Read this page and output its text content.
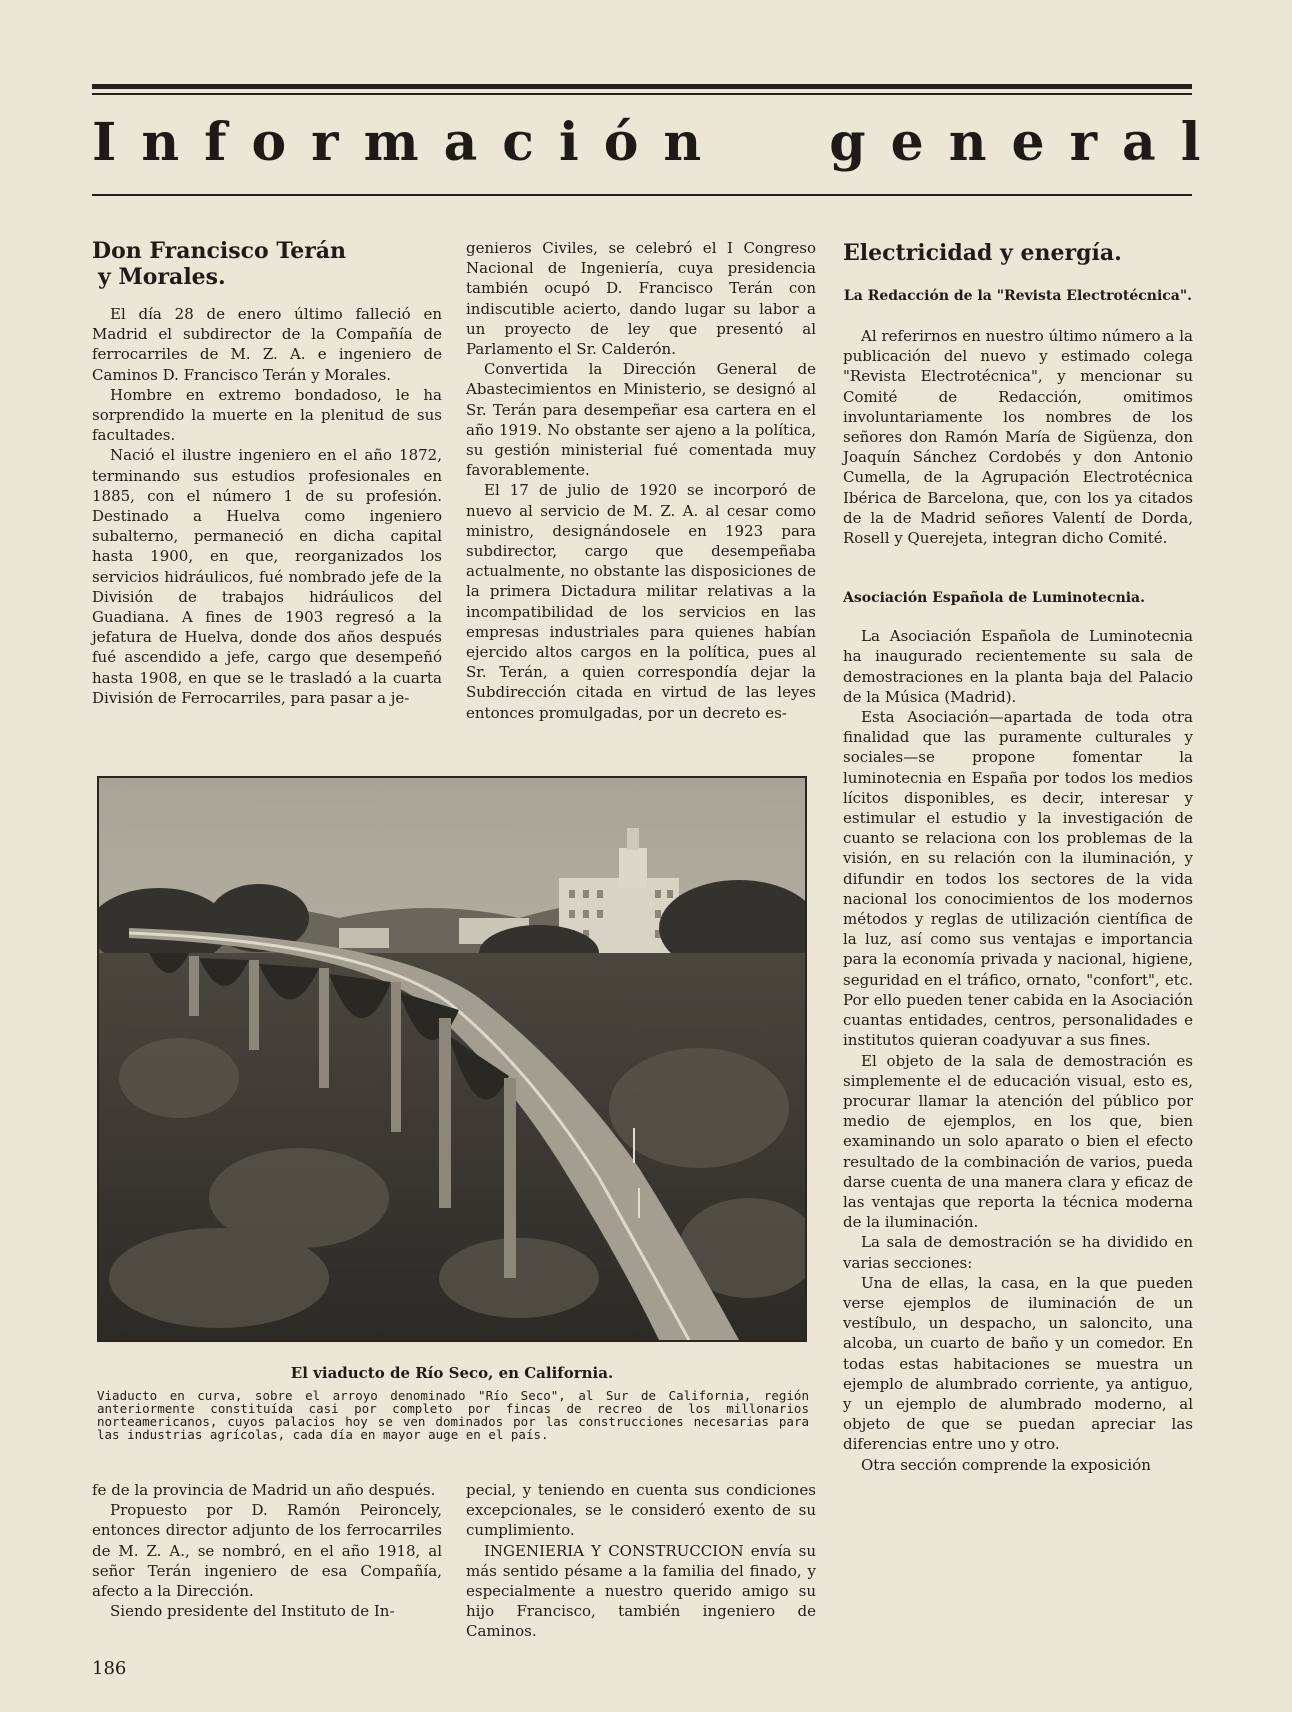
Información general
Don Francisco Terán
y Morales.

El día 28 de enero último falleció en Madrid el subdirector de la Compañía de ferrocarriles de M. Z. A. e ingeniero de Caminos D. Francisco Terán y Morales.

Hombre en extremo bondadoso, le ha sorprendido la muerte en la plenitud de sus facultades.

Nació el ilustre ingeniero en el año 1872, terminando sus estudios profesionales en 1885, con el número 1 de su profesión. Destinado a Huelva como ingeniero subalterno, permaneció en dicha capital hasta 1900, en que, reorganizados los servicios hidráulicos, fué nombrado jefe de la División de trabajos hidráulicos del Guadiana. A fines de 1903 regresó a la jefatura de Huelva, donde dos años después fué ascendido a jefe, cargo que desempeñó hasta 1908, en que se le trasladó a la cuarta División de Ferrocarriles, para pasar a je-

genieros Civiles, se celebró el I Congreso Nacional de Ingeniería, cuya presidencia también ocupó D. Francisco Terán con indiscutible acierto, dando lugar su labor a un proyecto de ley que presentó al Parlamento el Sr. Calderón.

Convertida la Dirección General de Abastecimientos en Ministerio, se designó al Sr. Terán para desempeñar esa cartera en el año 1919. No obstante ser ajeno a la política, su gestión ministerial fué comentada muy favorablemente.

El 17 de julio de 1920 se incorporó de nuevo al servicio de M. Z. A. al cesar como ministro, designándosele en 1923 para subdirector, cargo que desempeñaba actualmente, no obstante las disposiciones de la primera Dictadura militar relativas a la incompatibilidad de los servicios en las empresas industriales para quienes habían ejercido altos cargos en la política, pues al Sr. Terán, a quien correspondía dejar la Subdirección citada en virtud de las leyes entonces promulgadas, por un decreto es-

El viaducto de Río Seco, en California.
Viaducto en curva, sobre el arroyo denominado "Río Seco", al Sur de California, región anteriormente constituída casi por completo por fincas de recreo de los millonarios norteamericanos, cuyos palacios hoy se ven dominados por las construcciones necesarias para las industrias agrícolas, cada día en mayor auge en el país.

fe de la provincia de Madrid un año después.

Propuesto por D. Ramón Peironcely, entonces director adjunto de los ferrocarriles de M. Z. A., se nombró, en el año 1918, al señor Terán ingeniero de esa Compañía, afecto a la Dirección.

Siendo presidente del Instituto de In-

pecial, y teniendo en cuenta sus condiciones excepcionales, se le consideró exento de su cumplimiento.

INGENIERIA Y CONSTRUCCION envía su más sentido pésame a la familia del finado, y especialmente a nuestro querido amigo su hijo Francisco, también ingeniero de Caminos.

Electricidad y energía.
La Redacción de la "Revista Electrotécnica".

Al referirnos en nuestro último número a la publicación del nuevo y estimado colega "Revista Electrotécnica", y mencionar su Comité de Redacción, omitimos involuntariamente los nombres de los señores don Ramón María de Sigüenza, don Joaquín Sánchez Cordobés y don Antonio Cumella, de la Agrupación Electrotécnica Ibérica de Barcelona, que, con los ya citados de la de Madrid señores Valentí de Dorda, Rosell y Querejeta, integran dicho Comité.

Asociación Española de Luminotecnia.

La Asociación Española de Luminotecnia ha inaugurado recientemente su sala de demostraciones en la planta baja del Palacio de la Música (Madrid).

Esta Asociación—apartada de toda otra finalidad que las puramente culturales y sociales—se propone fomentar la luminotecnia en España por todos los medios lícitos disponibles, es decir, interesar y estimular el estudio y la investigación de cuanto se relaciona con los problemas de la visión, en su relación con la iluminación, y difundir en todos los sectores de la vida nacional los conocimientos de los modernos métodos y reglas de utilización científica de la luz, así como sus ventajas e importancia para la economía privada y nacional, higiene, seguridad en el tráfico, ornato, "confort", etc. Por ello pueden tener cabida en la Asociación cuantas entidades, centros, personalidades e institutos quieran coadyuvar a sus fines.

El objeto de la sala de demostración es simplemente el de educación visual, esto es, procurar llamar la atención del público por medio de ejemplos, en los que, bien examinando un solo aparato o bien el efecto resultado de la combinación de varios, pueda darse cuenta de una manera clara y eficaz de las ventajas que reporta la técnica moderna de la iluminación.

La sala de demostración se ha dividido en varias secciones:

Una de ellas, la casa, en la que pueden verse ejemplos de iluminación de un vestíbulo, un despacho, un saloncito, una alcoba, un cuarto de baño y un comedor. En todas estas habitaciones se muestra un ejemplo de alumbrado corriente, ya antiguo, y un ejemplo de alumbrado moderno, al objeto de que se puedan apreciar las diferencias entre uno y otro.

Otra sección comprende la exposición

186
